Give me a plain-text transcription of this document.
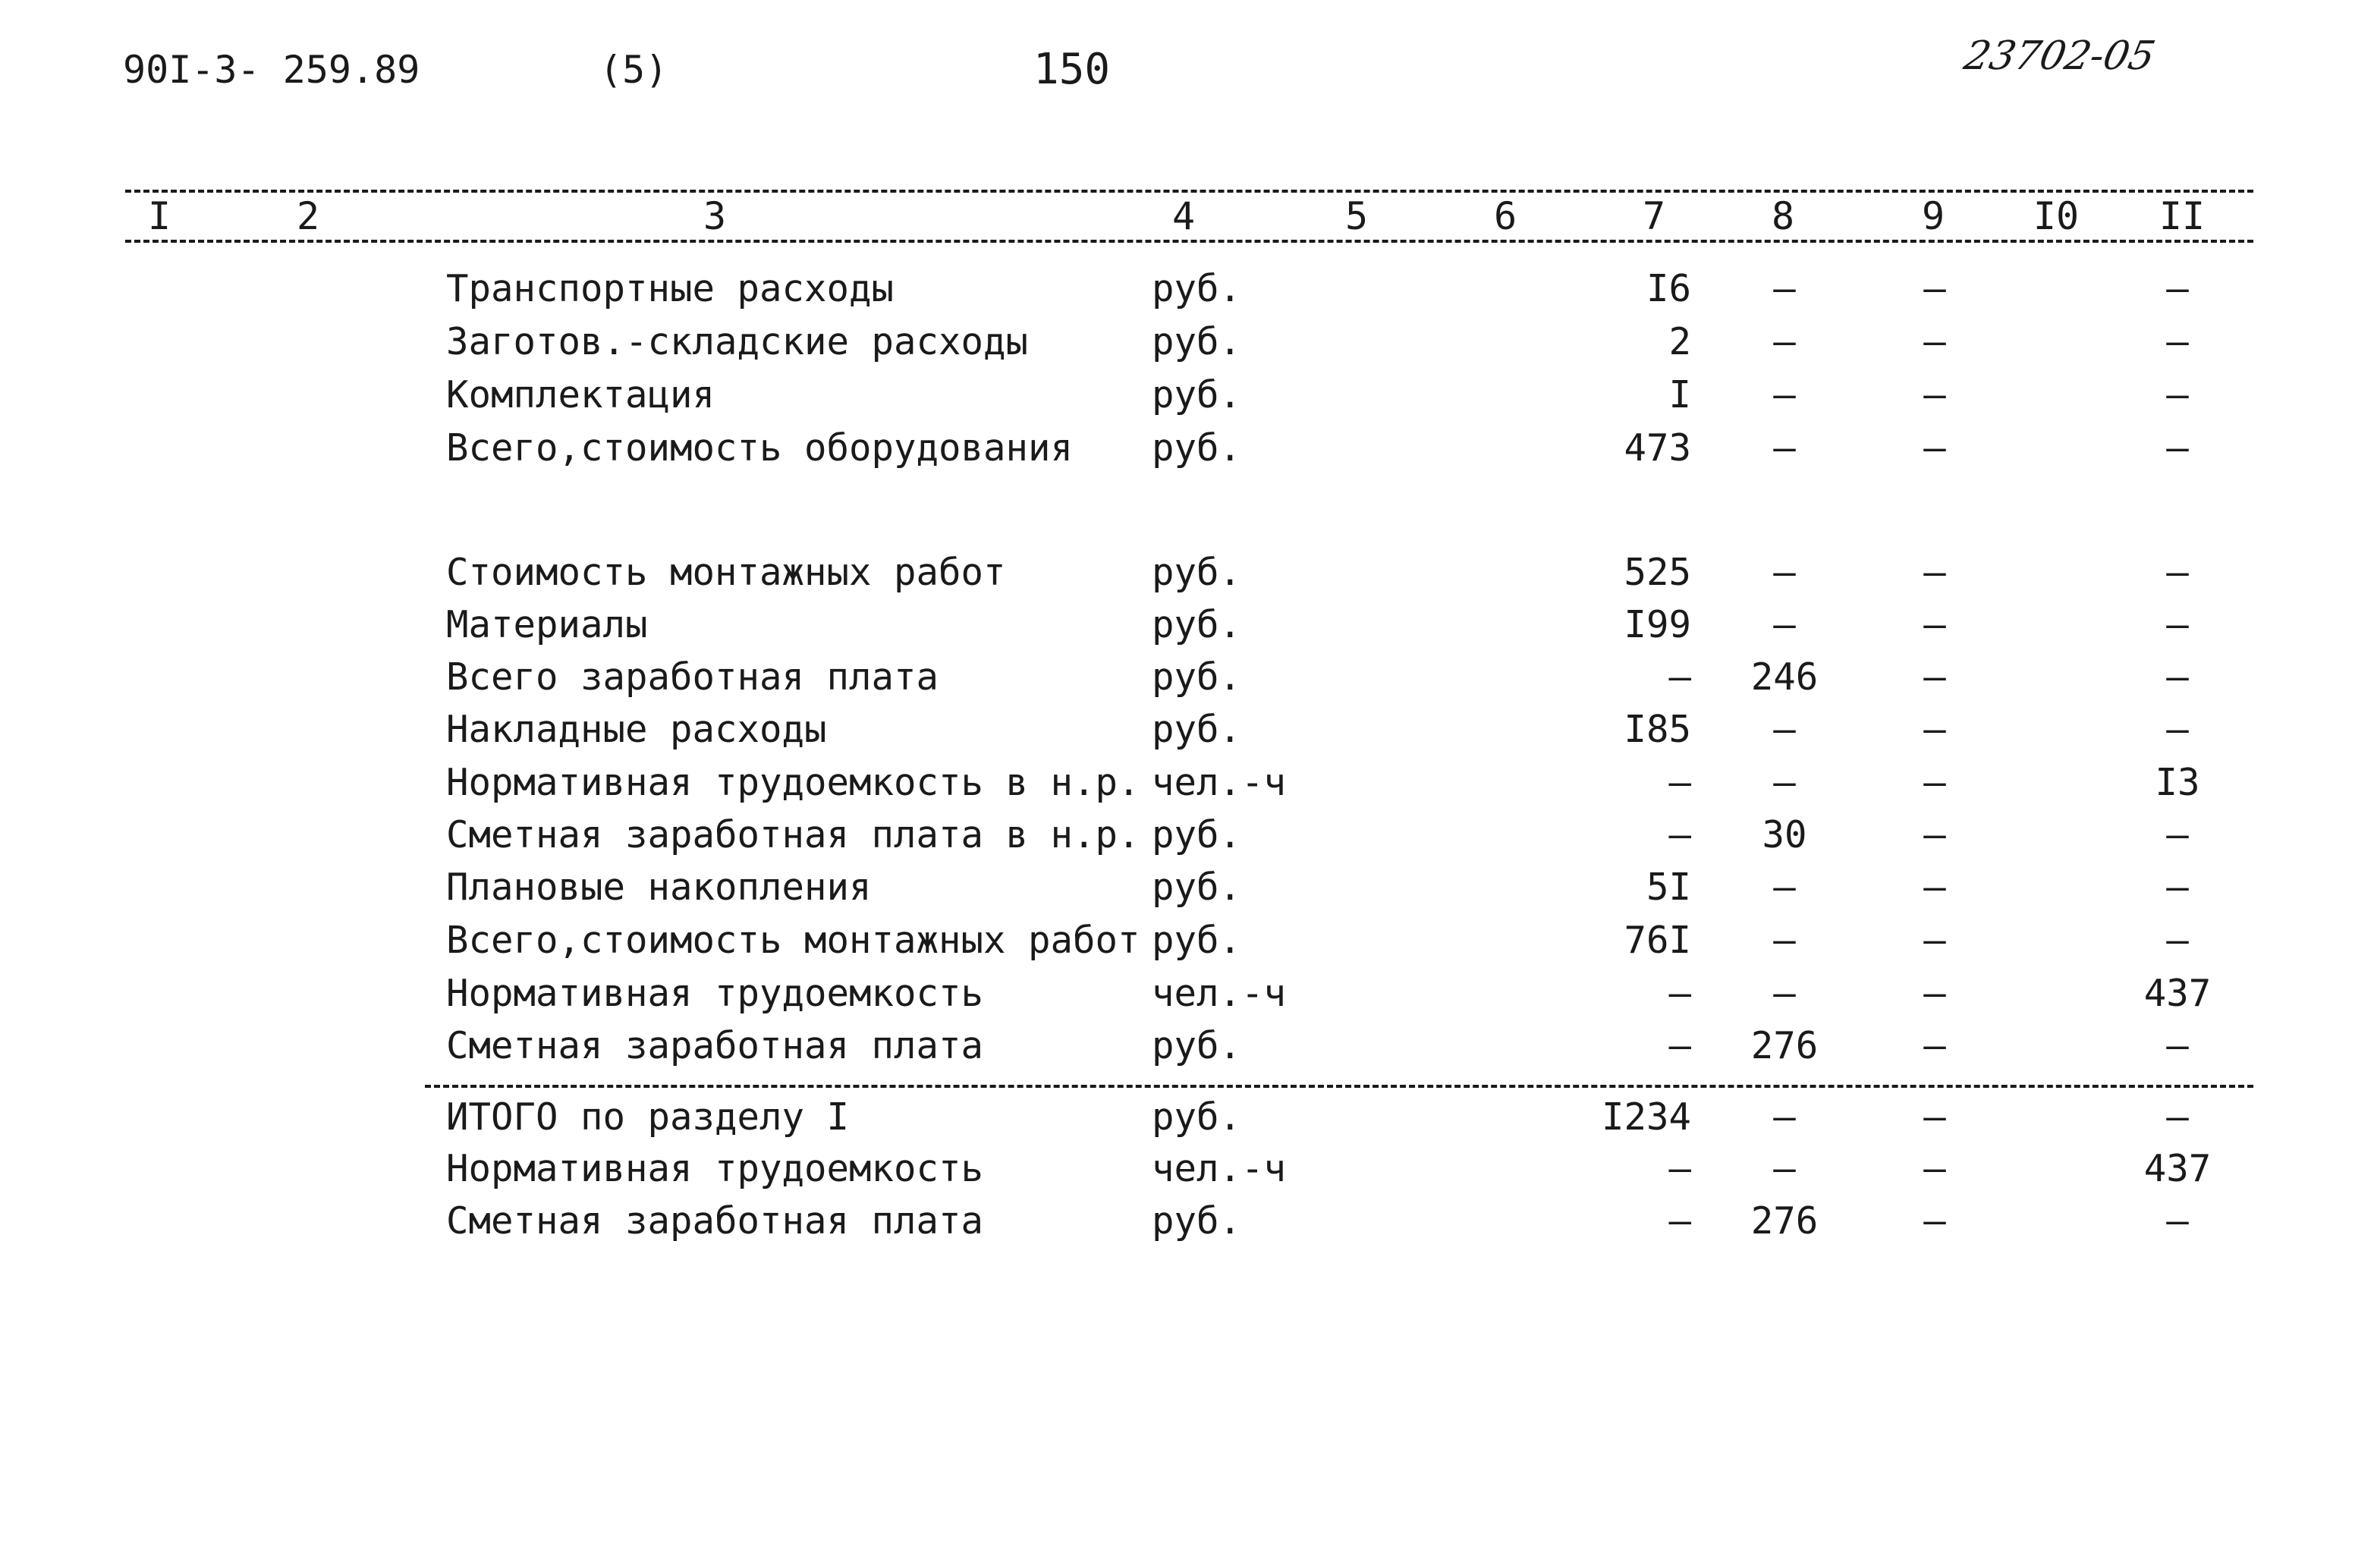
90I-3- 259.89	(5)	150	23702-05
I	2	3	4	5	6	7	8	9 I0 II
Транспортные расходы	руб.	I6 –	–	–
Заготов.-складские расходы	руб.	2 –	–	–
Комплектация	руб.	I –	–	–
Всего,стоимость оборудования руб.	473 –	–	–
Стоимость монтажных работ	руб.	525 –	–	–
Материалы	руб.	I99 –	–	–
Всего заработная плата	руб.	– 246	–	–
Накладные расходы	руб.	I85 –	–	–
Нормативная трудоемкость в н.р. чел.-ч	– –	–	I3
Сметная заработная плата в н.р. руб.	– 30	–	–
Плановые накопления	руб.	5I –	–	–
Всего,стоимость монтажных работ руб.	76I –	–	–
Нормативная трудоемкость	чел.-ч	– –	–	437
Сметная заработная плата	руб.	– 276	–	–
ИТОГО по разделу I	руб.	I234 –	–	–
Нормативная трудоемкость	чел.-ч	– –	–	437
Сметная заработная плата	руб.	– 276	–	–
